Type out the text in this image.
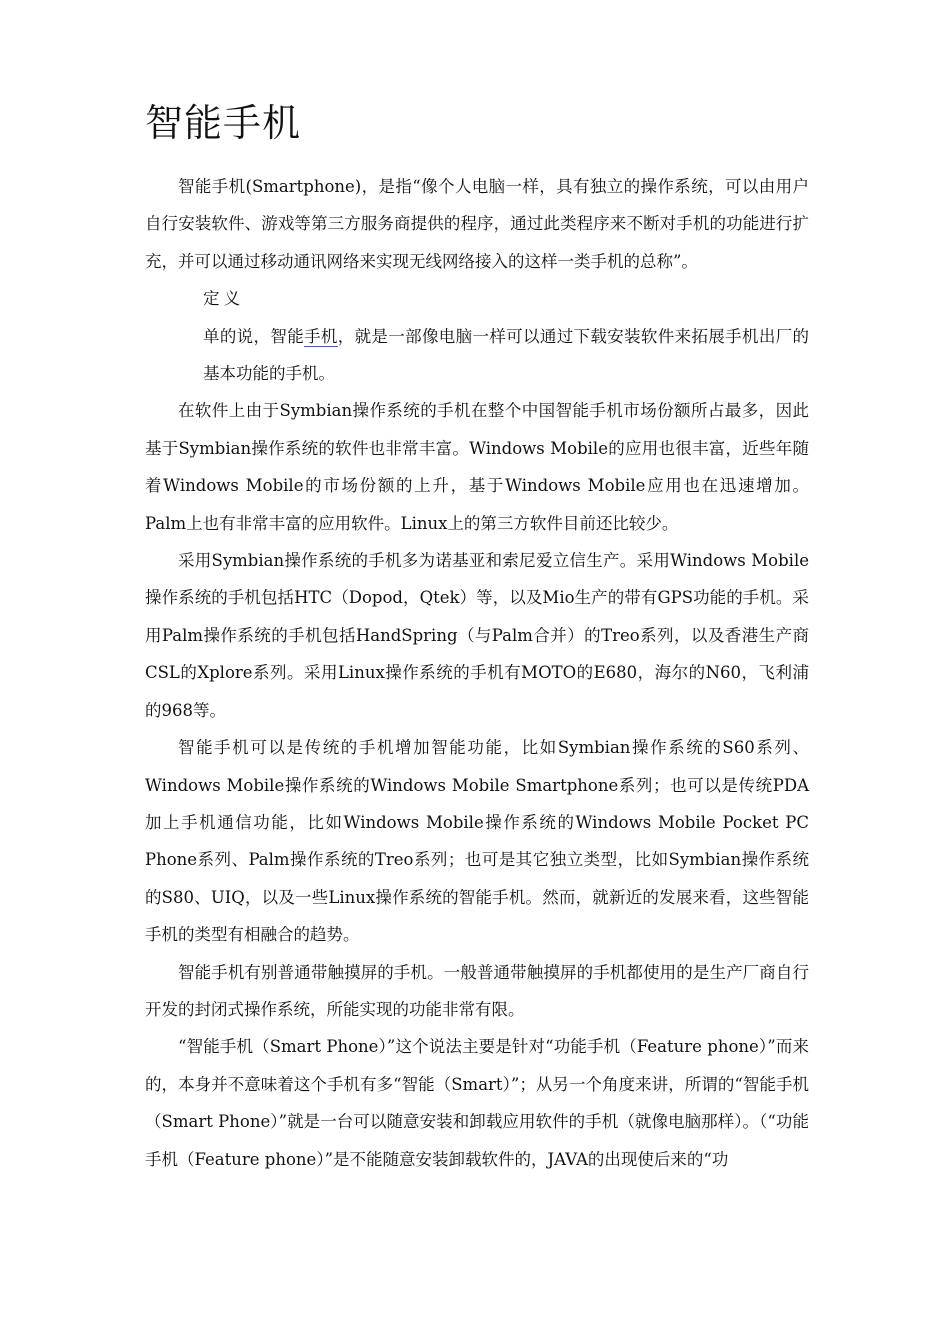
智能手机

智能手机(Smartphone)，是指“像个人电脑一样，具有独立的操作系统，可以由用户自行安装软件、游戏等第三方服务商提供的程序，通过此类程序来不断对手机的功能进行扩充，并可以通过移动通讯网络来实现无线网络接入的这样一类手机的总称”。

定义

单的说，智能手机，就是一部像电脑一样可以通过下载安装软件来拓展手机出厂的基本功能的手机。

在软件上由于Symbian操作系统的手机在整个中国智能手机市场份额所占最多，因此基于Symbian操作系统的软件也非常丰富。Windows Mobile的应用也很丰富，近些年随着Windows Mobile的市场份额的上升，基于Windows Mobile应用也在迅速增加。Palm上也有非常丰富的应用软件。Linux上的第三方软件目前还比较少。

采用Symbian操作系统的手机多为诺基亚和索尼爱立信生产。采用Windows Mobile操作系统的手机包括HTC（Dopod，Qtek）等，以及Mio生产的带有GPS功能的手机。采用Palm操作系统的手机包括HandSpring（与Palm合并）的Treo系列，以及香港生产商CSL的Xplore系列。采用Linux操作系统的手机有MOTO的E680，海尔的N60，飞利浦的968等。

智能手机可以是传统的手机增加智能功能，比如Symbian操作系统的S60系列、Windows Mobile操作系统的Windows Mobile Smartphone系列；也可以是传统PDA加上手机通信功能，比如Windows Mobile操作系统的Windows Mobile Pocket PC Phone系列、Palm操作系统的Treo系列；也可是其它独立类型，比如Symbian操作系统的S80、UIQ，以及一些Linux操作系统的智能手机。然而，就新近的发展来看，这些智能手机的类型有相融合的趋势。

智能手机有别普通带触摸屏的手机。一般普通带触摸屏的手机都使用的是生产厂商自行开发的封闭式操作系统，所能实现的功能非常有限。

“智能手机（Smart Phone）”这个说法主要是针对“功能手机（Feature phone）”而来的，本身并不意味着这个手机有多“智能（Smart）”；从另一个角度来讲，所谓的“智能手机（Smart Phone）”就是一台可以随意安装和卸载应用软件的手机（就像电脑那样）。（“功能手机（Feature phone）”是不能随意安装卸载软件的，JAVA的出现使后来的“功
